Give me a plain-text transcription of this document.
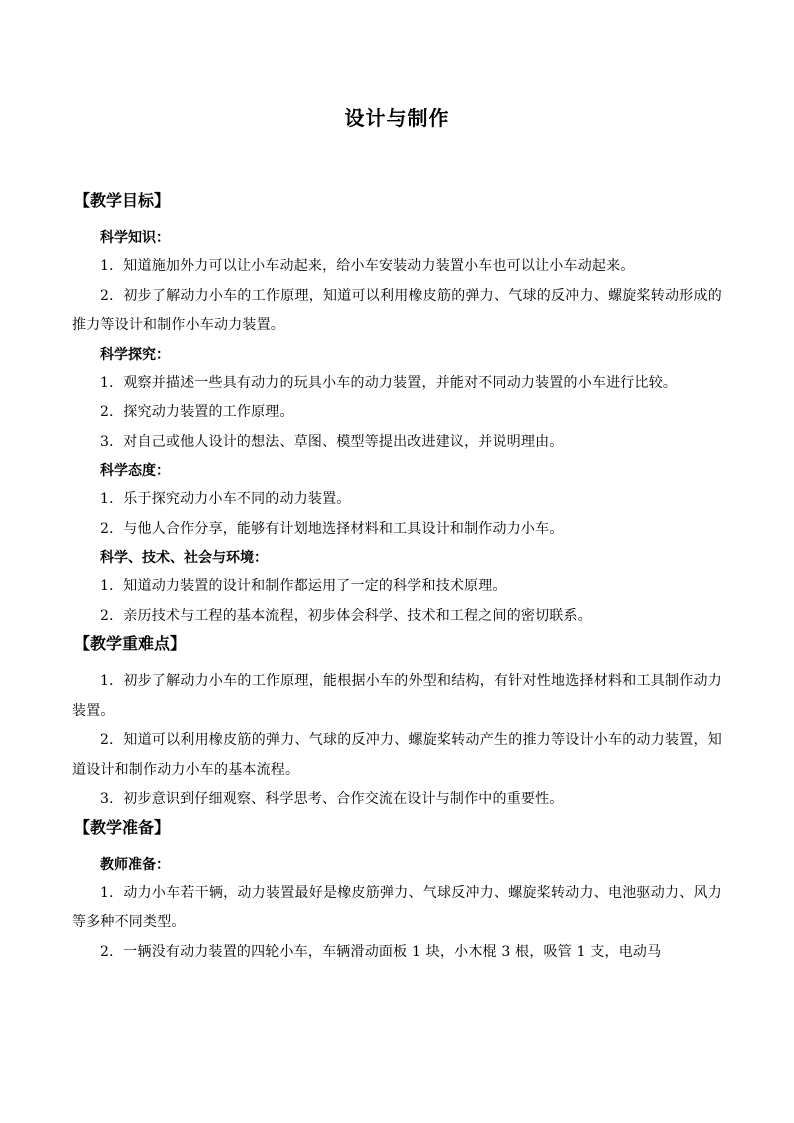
设计与制作
【教学目标】
科学知识：

1．知道施加外力可以让小车动起来，给小车安装动力装置小车也可以让小车动起来。

2．初步了解动力小车的工作原理，知道可以利用橡皮筋的弹力、气球的反冲力、螺旋桨转动形成的推力等设计和制作小车动力装置。

科学探究：

1．观察并描述一些具有动力的玩具小车的动力装置，并能对不同动力装置的小车进行比较。

2．探究动力装置的工作原理。

3．对自己或他人设计的想法、草图、模型等提出改进建议，并说明理由。

科学态度：

1．乐于探究动力小车不同的动力装置。

2．与他人合作分享，能够有计划地选择材料和工具设计和制作动力小车。

科学、技术、社会与环境：

1．知道动力装置的设计和制作都运用了一定的科学和技术原理。

2．亲历技术与工程的基本流程，初步体会科学、技术和工程之间的密切联系。

【教学重难点】

1．初步了解动力小车的工作原理，能根据小车的外型和结构，有针对性地选择材料和工具制作动力装置。

2．知道可以利用橡皮筋的弹力、气球的反冲力、螺旋桨转动产生的推力等设计小车的动力装置，知道设计和制作动力小车的基本流程。

3．初步意识到仔细观察、科学思考、合作交流在设计与制作中的重要性。

【教学准备】
教师准备：

1．动力小车若干辆，动力装置最好是橡皮筋弹力、气球反冲力、螺旋桨转动力、电池驱动力、风力等多种不同类型。

2．一辆没有动力装置的四轮小车，车辆滑动面板 1 块，小木棍 3 根，吸管 1 支，电动马
